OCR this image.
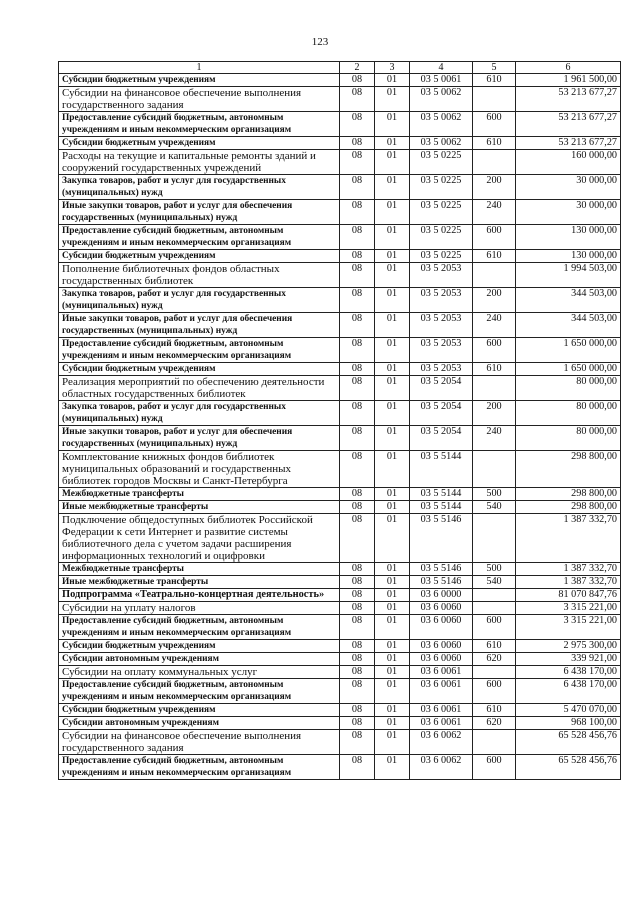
123
1	2	3	4	5	6
Субсидии бюджетным учреждениям	08	01	03 5 0061	610	1 961 500,00
Субсидии на финансовое обеспечение выполнения государственного задания	08	01	03 5 0062		53 213 677,27
Предоставление субсидий бюджетным, автономным учреждениям и иным некоммерческим организациям	08	01	03 5 0062	600	53 213 677,27
Субсидии бюджетным учреждениям	08	01	03 5 0062	610	53 213 677,27
Расходы на текущие и капитальные ремонты зданий и сооружений государственных учреждений	08	01	03 5 0225		160 000,00
Закупка товаров, работ и услуг для государственных (муниципальных) нужд	08	01	03 5 0225	200	30 000,00
Иные закупки товаров, работ и услуг для обеспечения государственных (муниципальных) нужд	08	01	03 5 0225	240	30 000,00
Предоставление субсидий бюджетным, автономным учреждениям и иным некоммерческим организациям	08	01	03 5 0225	600	130 000,00
Субсидии бюджетным учреждениям	08	01	03 5 0225	610	130 000,00
Пополнение библиотечных фондов областных государственных библиотек	08	01	03 5 2053		1 994 503,00
Закупка товаров, работ и услуг для государственных (муниципальных) нужд	08	01	03 5 2053	200	344 503,00
Иные закупки товаров, работ и услуг для обеспечения государственных (муниципальных) нужд	08	01	03 5 2053	240	344 503,00
Предоставление субсидий бюджетным, автономным учреждениям и иным некоммерческим организациям	08	01	03 5 2053	600	1 650 000,00
Субсидии бюджетным учреждениям	08	01	03 5 2053	610	1 650 000,00
Реализация мероприятий по обеспечению деятельности областных государственных библиотек	08	01	03 5 2054		80 000,00
Закупка товаров, работ и услуг для государственных (муниципальных) нужд	08	01	03 5 2054	200	80 000,00
Иные закупки товаров, работ и услуг для обеспечения государственных (муниципальных) нужд	08	01	03 5 2054	240	80 000,00
Комплектование книжных фондов библиотек муниципальных образований и государственных библиотек городов Москвы и Санкт-Петербурга	08	01	03 5 5144		298 800,00
Межбюджетные трансферты	08	01	03 5 5144	500	298 800,00
Иные межбюджетные трансферты	08	01	03 5 5144	540	298 800,00
Подключение общедоступных библиотек Российской Федерации к сети Интернет и развитие системы библиотечного дела с учетом задачи расширения информационных технологий и оцифровки	08	01	03 5 5146		1 387 332,70
Межбюджетные трансферты	08	01	03 5 5146	500	1 387 332,70
Иные межбюджетные трансферты	08	01	03 5 5146	540	1 387 332,70
Подпрограмма «Театрально-концертная деятельность»	08	01	03 6 0000		81 070 847,76
Субсидии на уплату налогов	08	01	03 6 0060		3 315 221,00
Предоставление субсидий бюджетным, автономным учреждениям и иным некоммерческим организациям	08	01	03 6 0060	600	3 315 221,00
Субсидии бюджетным учреждениям	08	01	03 6 0060	610	2 975 300,00
Субсидии автономным учреждениям	08	01	03 6 0060	620	339 921,00
Субсидии на оплату коммунальных услуг	08	01	03 6 0061		6 438 170,00
Предоставление субсидий бюджетным, автономным учреждениям и иным некоммерческим организациям	08	01	03 6 0061	600	6 438 170,00
Субсидии бюджетным учреждениям	08	01	03 6 0061	610	5 470 070,00
Субсидии автономным учреждениям	08	01	03 6 0061	620	968 100,00
Субсидии на финансовое обеспечение выполнения государственного задания	08	01	03 6 0062		65 528 456,76
Предоставление субсидий бюджетным, автономным учреждениям и иным некоммерческим организациям	08	01	03 6 0062	600	65 528 456,76
